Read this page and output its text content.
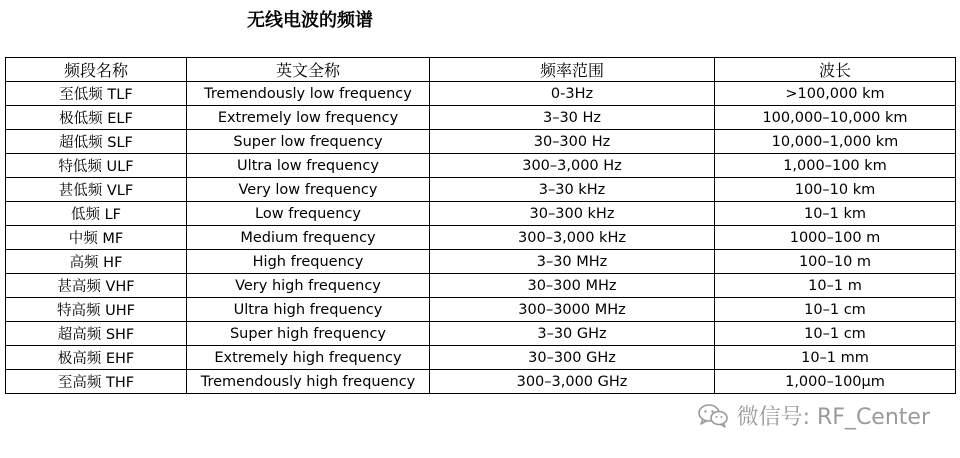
无线电波的频谱
频段名称	英文全称	频率范围	波长
至低频 TLF	Tremendously low frequency	0-3Hz	>100,000 km
极低频 ELF	Extremely low frequency	3–30 Hz	100,000–10,000 km
超低频 SLF	Super low frequency	30–300 Hz	10,000–1,000 km
特低频 ULF	Ultra low frequency	300–3,000 Hz	1,000–100 km
甚低频 VLF	Very low frequency	3–30 kHz	100–10 km
低频 LF	Low frequency	30–300 kHz	10–1 km
中频 MF	Medium frequency	300–3,000 kHz	1000–100 m
高频 HF	High frequency	3–30 MHz	100–10 m
甚高频 VHF	Very high frequency	30–300 MHz	10–1 m
特高频 UHF	Ultra high frequency	300–3000 MHz	10–1 cm
超高频 SHF	Super high frequency	3–30 GHz	10–1 cm
极高频 EHF	Extremely high frequency	30–300 GHz	10–1 mm
至高频 THF	Tremendously high frequency	300–3,000 GHz	1,000–100μm
微信号: RF_Center
